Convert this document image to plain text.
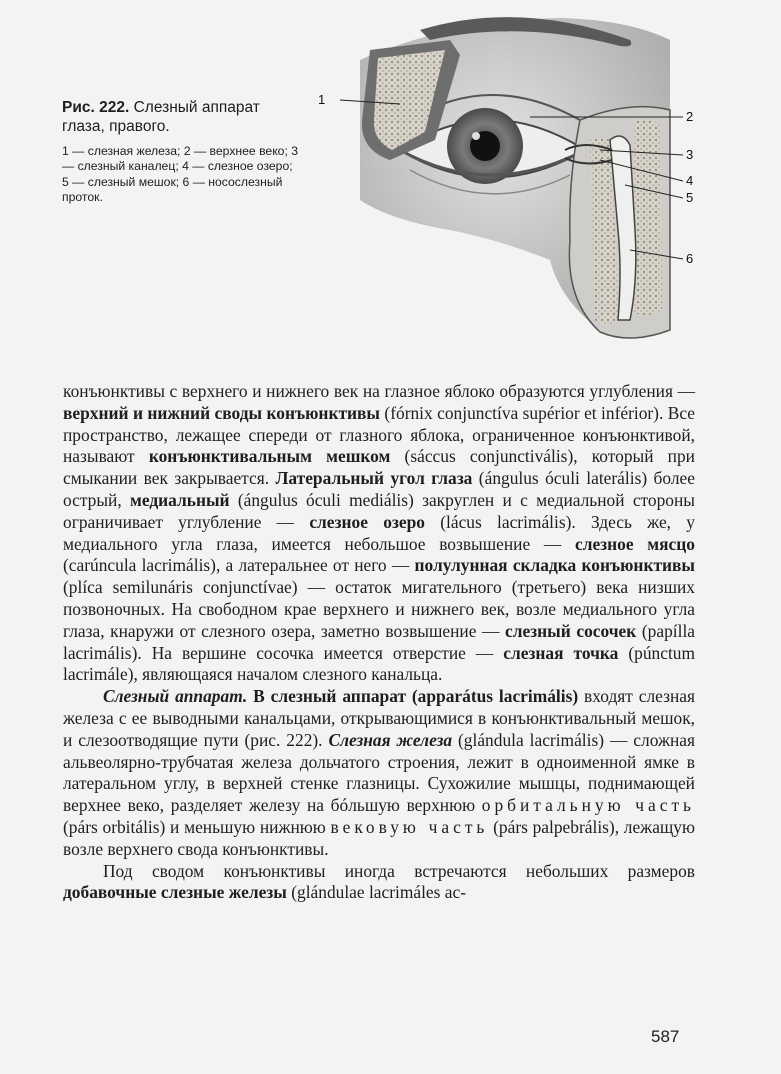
Рис. 222. Слезный аппарат глаза, правого.

1 — слезная железа; 2 — верхнее веко; 3 — слезный каналец; 4 — слезное озеро; 5 — слезный мешок; 6 — носослезный проток.

1
2
3
4
5
6

конъюнктивы с верхнего и нижнего век на глазное яблоко образуются углубления — верхний и нижний своды конъюнктивы (fórnix conjunctíva supérior et inférior). Все пространство, лежащее спереди от глазного яблока, ограниченное конъюнктивой, называют конъюнктивальным мешком (sáccus conjunctivális), который при смыкании век закрывается. Латеральный угол глаза (ángulus óculi laterális) более острый, медиальный (ángulus óculi mediális) закруглен и с медиальной стороны ограничивает углубление — слезное озеро (lácus lacrimális). Здесь же, у медиального угла глаза, имеется небольшое возвышение — слезное мясцо (carúncula lacrimális), а латеральнее от него — полулунная складка конъюнктивы (plíca semilunáris conjunctívae) — остаток мигательного (третьего) века низших позвоночных. На свободном крае верхнего и нижнего век, возле медиального угла глаза, кнаружи от слезного озера, заметно возвышение — слезный сосочек (papílla lacrimális). На вершине сосочка имеется отверстие — слезная точка (púnctum lacrimále), являющаяся началом слезного канальца.

Слезный аппарат. В слезный аппарат (apparátus lacrimális) входят слезная железа с ее выводными канальцами, открывающимися в конъюнктивальный мешок, и слезоотводящие пути (рис. 222). Слезная железа (glándula lacrimális) — сложная альвеолярно-трубчатая железа дольчатого строения, лежит в одноименной ямке в латеральном углу, в верхней стенке глазницы. Сухожилие мышцы, поднимающей верхнее веко, разделяет железу на бóльшую верхнюю орбитальную часть (párs orbitális) и меньшую нижнюю вековую часть (párs palpebrális), лежащую возле верхнего свода конъюнктивы.

Под сводом конъюнктивы иногда встречаются небольших размеров добавочные слезные железы (glándulae lacrimáles ac-

587
